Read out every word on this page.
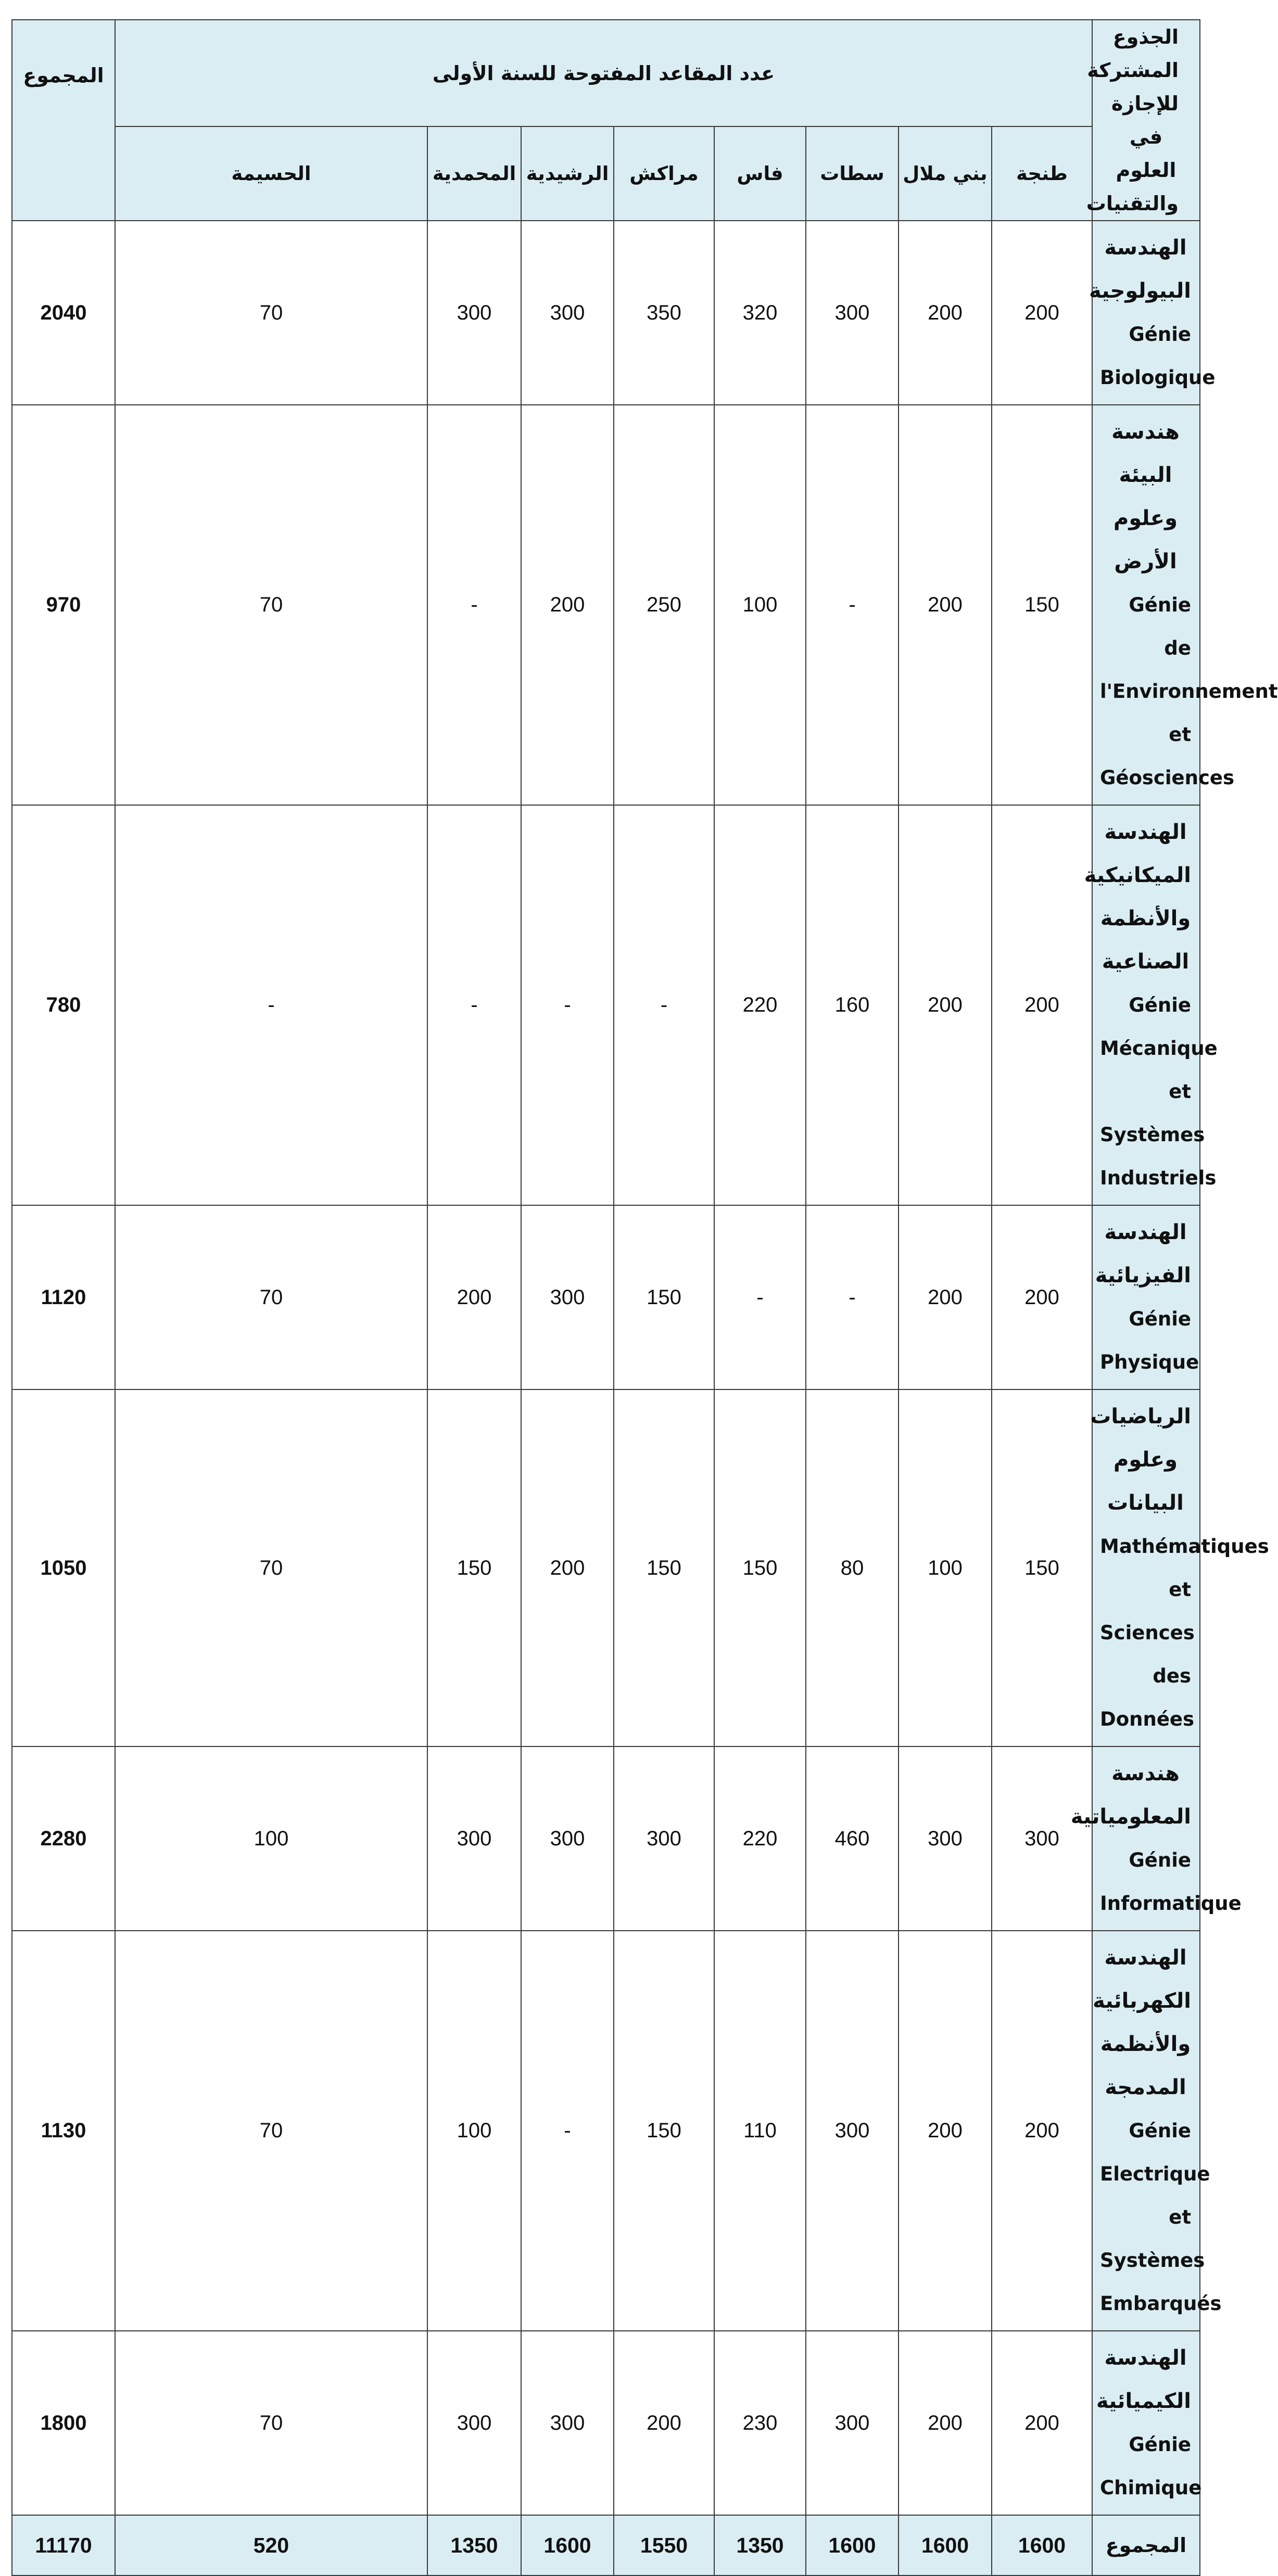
الجذوع المشتركة للإجازة في العلوم والتقنيات	عدد المقاعد المفتوحة للسنة الأولى								المجموع
	طنجة	بني ملال	سطات	فاس	مراكش	الرشيدية	المحمدية	الحسيمة	

الهندسة البيولوجية
Génie Biologique	200	200	300	320	350	300	300	70	2040

هندسة البيئة وعلوم الأرض
Génie de l'Environnement
et Géosciences	150	200	-	100	250	200	-	70	970

الهندسة الميكانيكية والأنظمة
الصناعية
Génie Mécanique et
Systèmes Industriels	200	200	160	220	-	-	-	-	780

الهندسة الفيزيائية
Génie Physique	200	200	-	-	150	300	200	70	1120

الرياضيات وعلوم البيانات
Mathématiques et
Sciences des Données	150	100	80	150	150	200	150	70	1050

هندسة المعلومياتية
Génie Informatique	300	300	460	220	300	300	300	100	2280

الهندسة الكهربائية والأنظمة
المدمجة
Génie Electrique et
Systèmes Embarqués	200	200	300	110	150	-	100	70	1130

الهندسة الكيميائية
Génie Chimique	200	200	300	230	200	300	300	70	1800
المجموع	1600	1600	1600	1350	1550	1600	1350	520	11170
